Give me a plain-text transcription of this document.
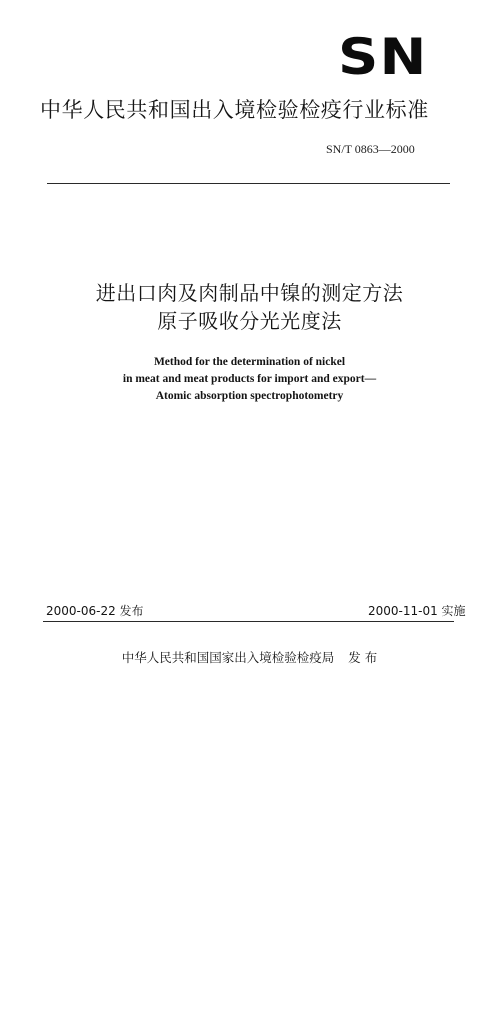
SN
中华人民共和国出入境检验检疫行业标准
SN/T 0863—2000
进出口肉及肉制品中镍的测定方法
原子吸收分光光度法
Method for the determination of nickel
in meat and meat products for import and export—
Atomic absorption spectrophotometry
2000-06-22 发布	2000-11-01 实施
中华人民共和国国家出入境检验检疫局 发 布
